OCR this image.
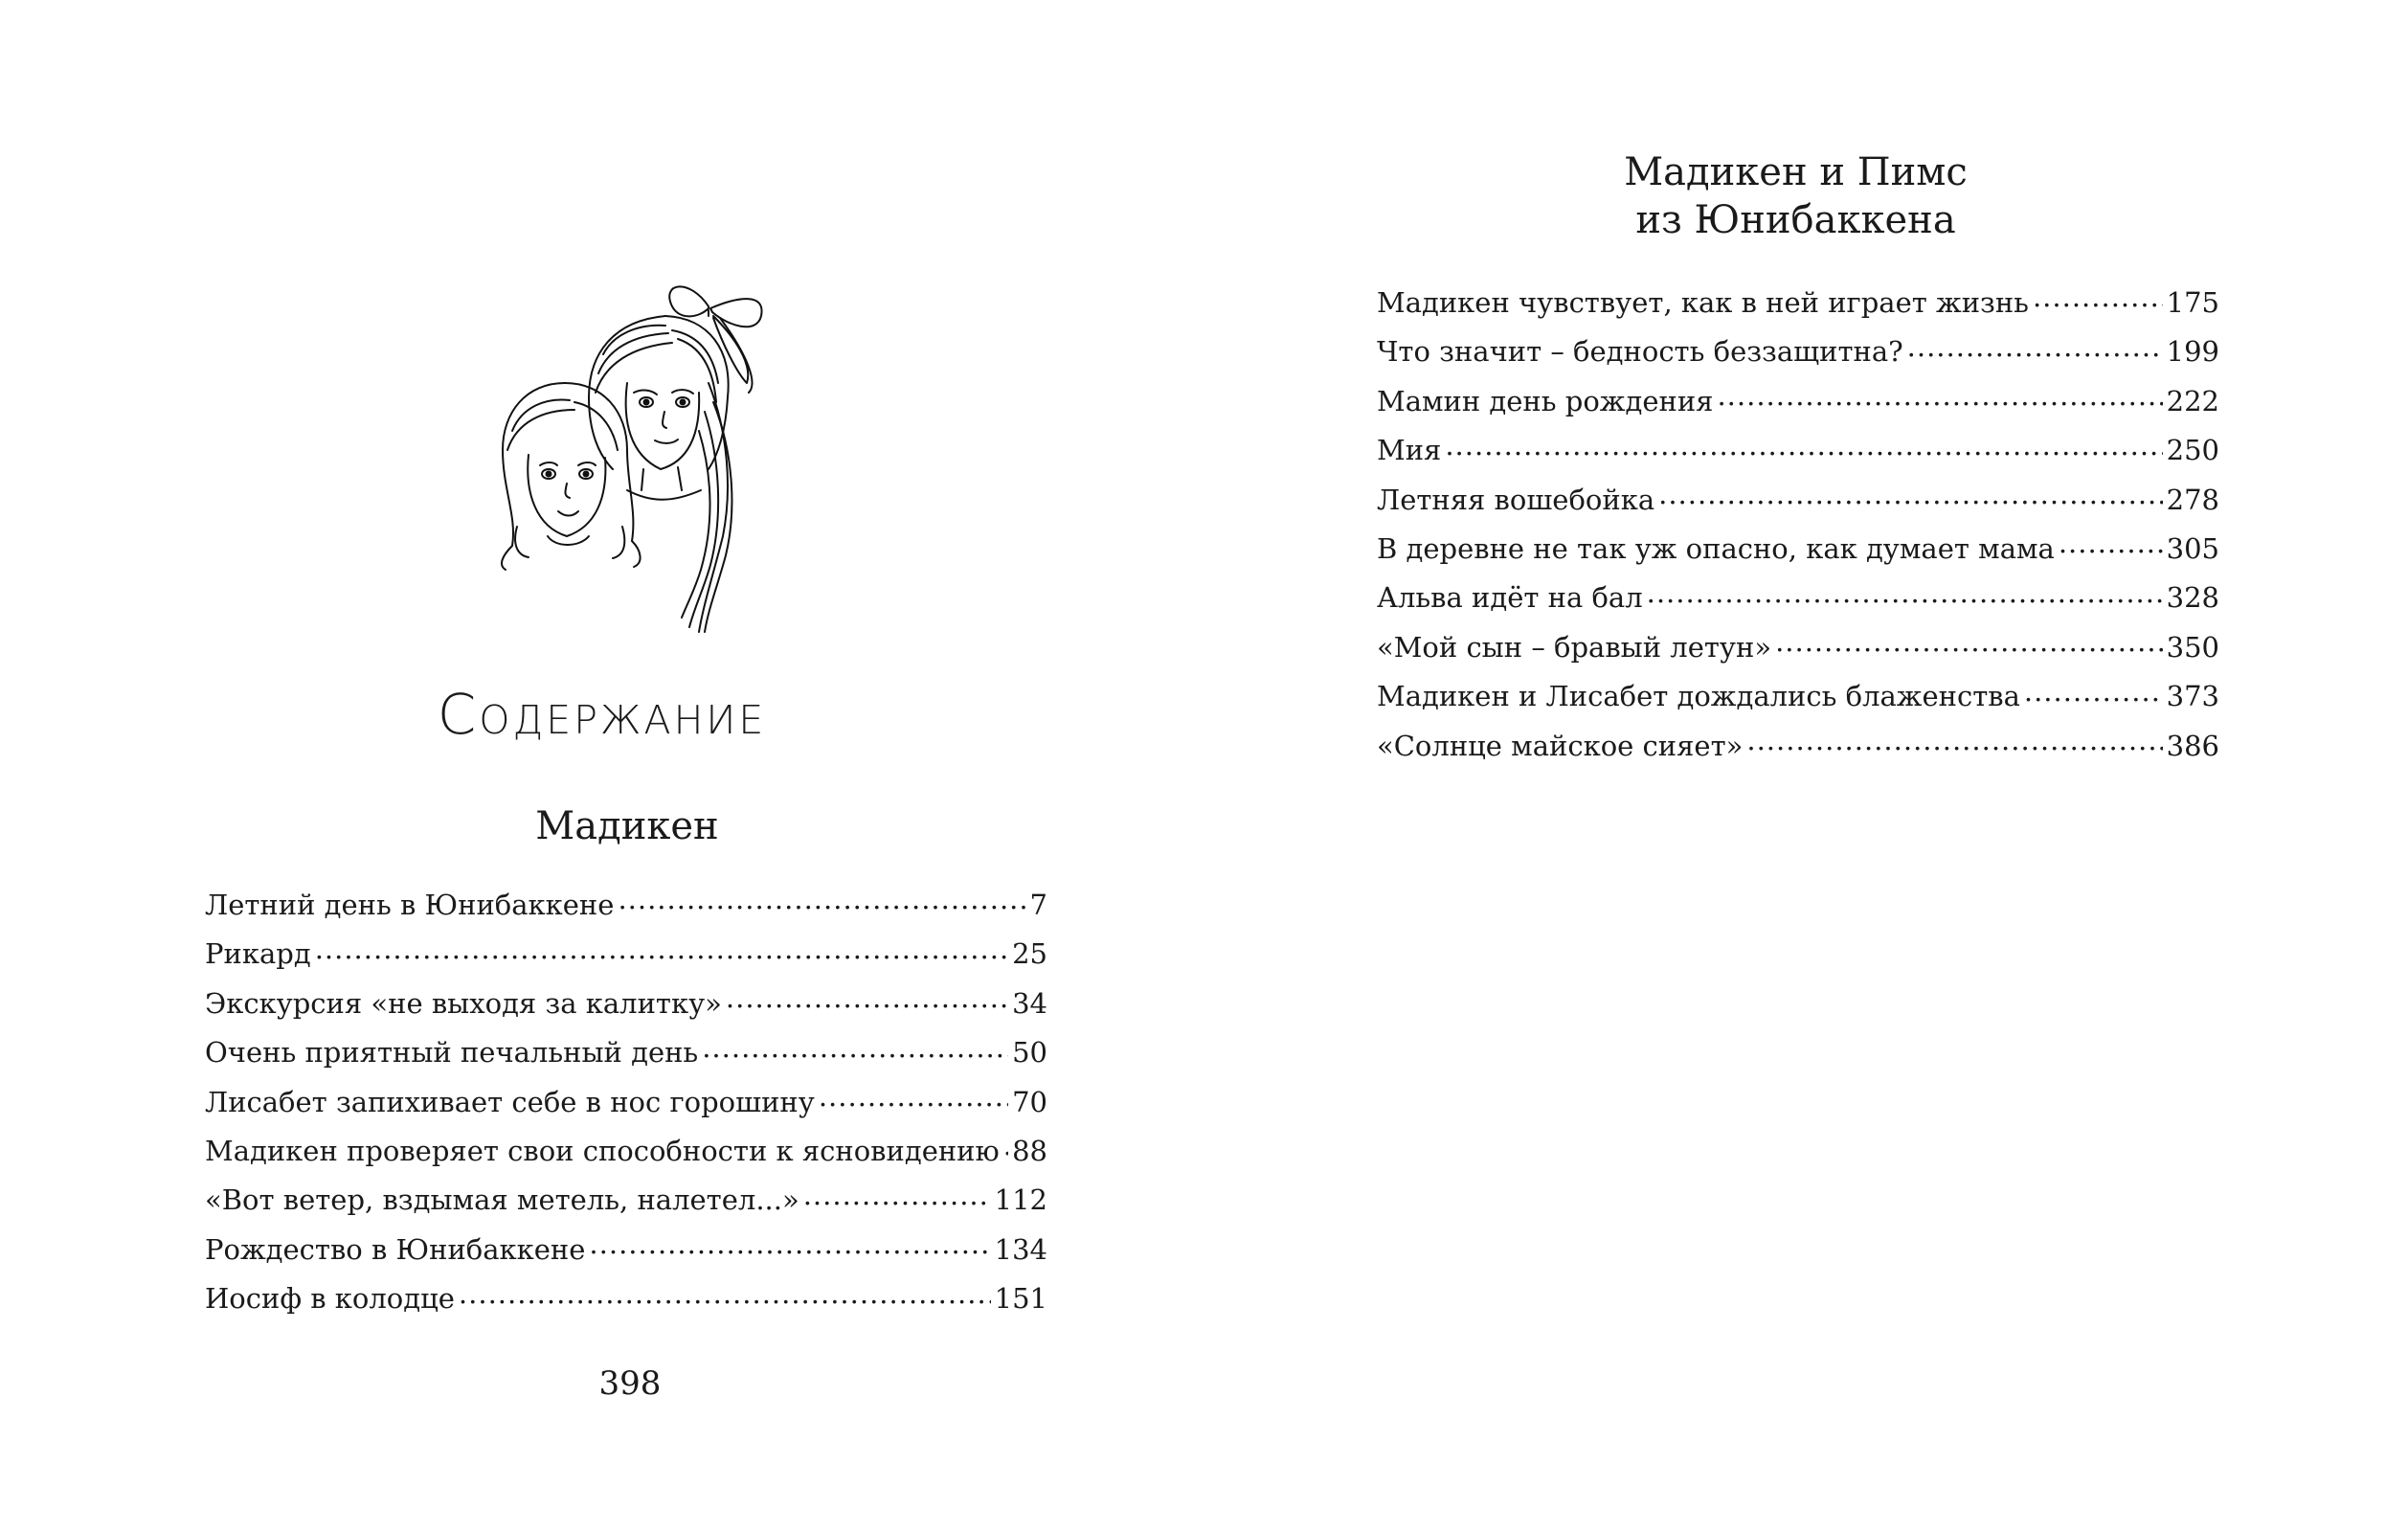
Содержание
Мадикен
Летний день в Юнибаккене .....	7
Рикард .....	25
Экскурсия «не выходя за калитку» .....	34
Очень приятный печальный день .....	50
Лисабет запихивает себе в нос горошину .....	70
Мадикен проверяет свои способности к ясновидению ..... 88
«Вот ветер, вздымая метель, налетел...» .....	112
Рождество в Юнибаккене .....	134
Иосиф в колодце .....	151
398
Мадикен и Пимс
из Юнибаккена
Мадикен чувствует, как в ней играет жизнь .....	175
Что значит – бедность беззащитна? .....	199
Мамин день рождения .....	222
Мия .....	250
Летняя вошебойка .....	278
В деревне не так уж опасно, как думает мама .....	305
Альва идёт на бал .....	328
«Мой сын – бравый летун» .....	350
Мадикен и Лисабет дождались блаженства .....	373
«Солнце майское сияет» .....	386
